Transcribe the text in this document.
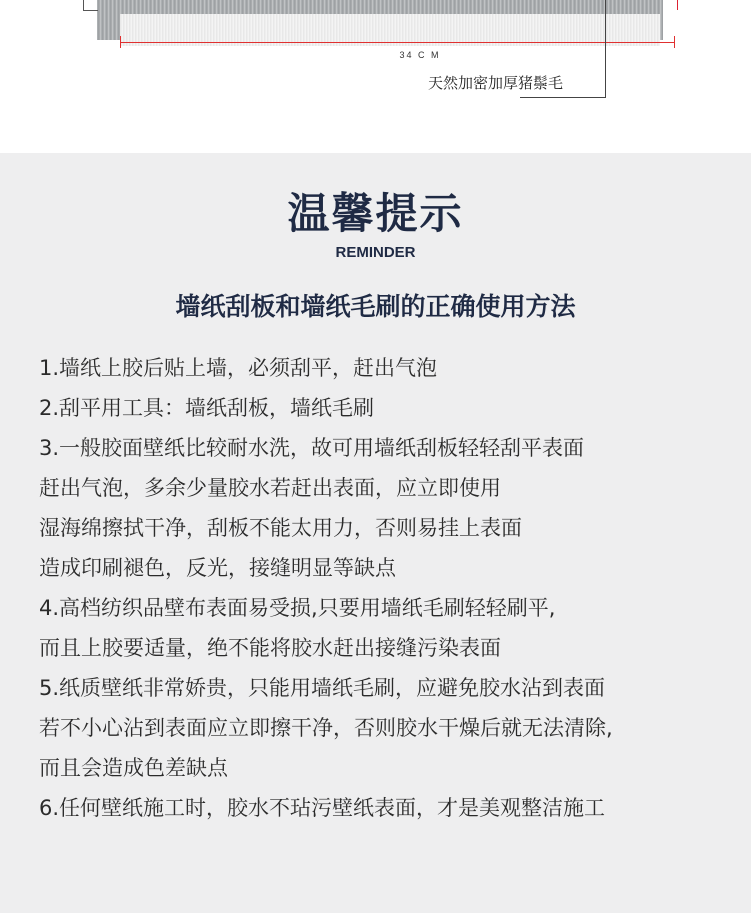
34 C M
天然加密加厚猪鬃毛
温馨提示
REMINDER
墙纸刮板和墙纸毛刷的正确使用方法
1.墙纸上胶后贴上墙，必须刮平，赶出气泡
2.刮平用工具：墙纸刮板，墙纸毛刷
3.一般胶面壁纸比较耐水洗，故可用墙纸刮板轻轻刮平表面
赶出气泡，多余少量胶水若赶出表面，应立即使用
湿海绵擦拭干净，刮板不能太用力，否则易挂上表面
造成印刷褪色，反光，接缝明显等缺点
4.高档纺织品壁布表面易受损,只要用墙纸毛刷轻轻刷平,
而且上胶要适量，绝不能将胶水赶出接缝污染表面
5.纸质壁纸非常娇贵，只能用墙纸毛刷，应避免胶水沾到表面
若不小心沾到表面应立即擦干净，否则胶水干燥后就无法清除,
而且会造成色差缺点
6.任何壁纸施工时，胶水不玷污壁纸表面，才是美观整洁施工
